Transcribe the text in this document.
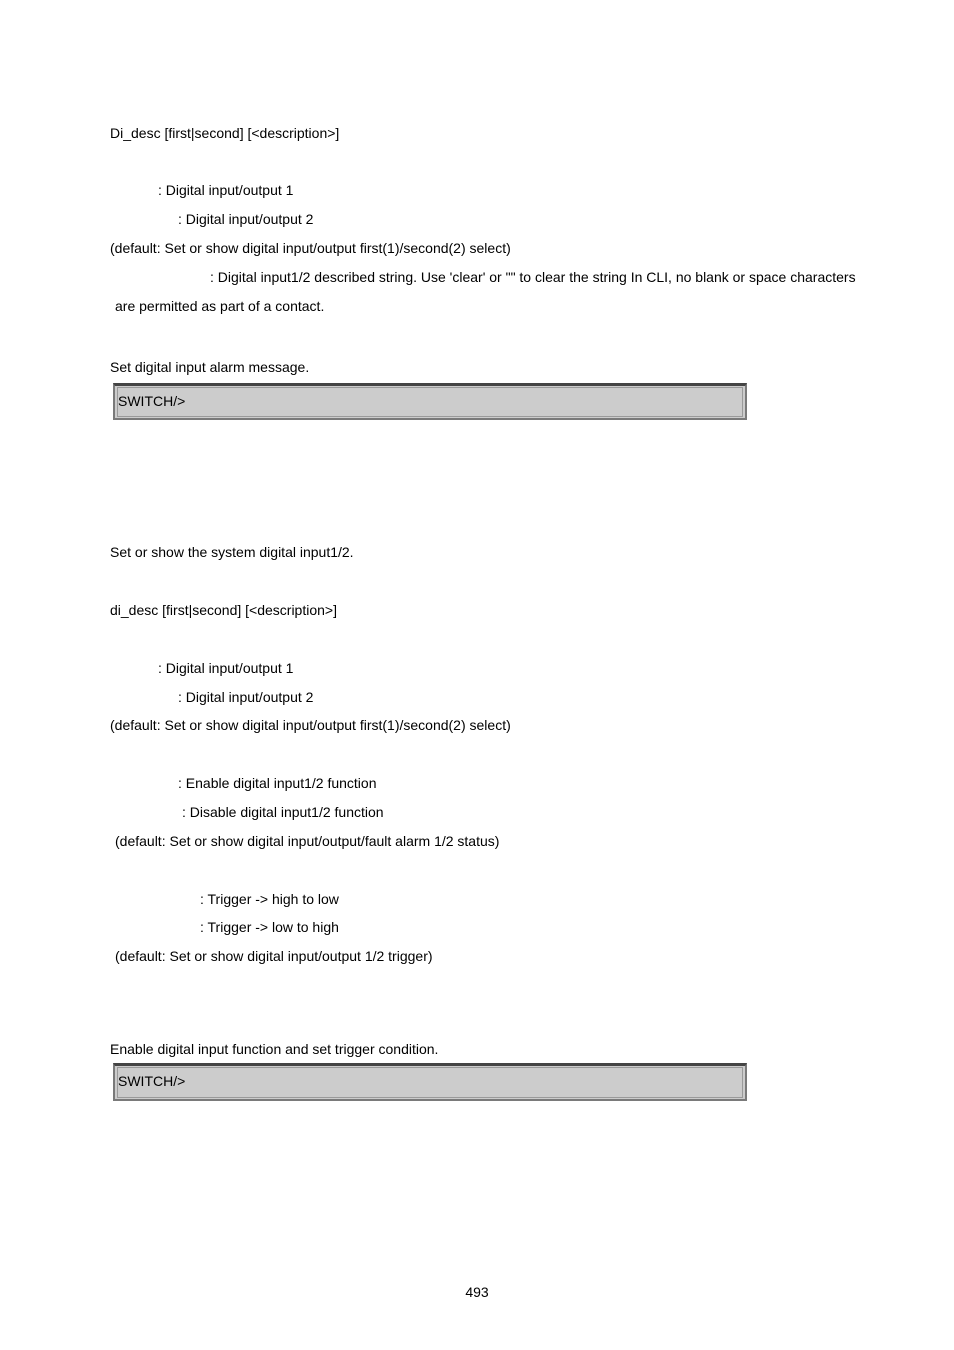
Di_desc [first|second] [<description>]
: Digital input/output 1
: Digital input/output 2
(default: Set or show digital input/output first(1)/second(2) select)
: Digital input1/2 described string. Use 'clear' or "" to clear the string In CLI, no blank or space characters
are permitted as part of a contact.
Set digital input alarm message.
SWITCH/>
Set or show the system digital input1/2.
di_desc [first|second] [<description>]
: Digital input/output 1
: Digital input/output 2
(default: Set or show digital input/output first(1)/second(2) select)
: Enable digital input1/2 function
: Disable digital input1/2 function
(default: Set or show digital input/output/fault alarm 1/2 status)
: Trigger -> high to low
: Trigger -> low to high
(default: Set or show digital input/output 1/2 trigger)
Enable digital input function and set trigger condition.
SWITCH/>
493
